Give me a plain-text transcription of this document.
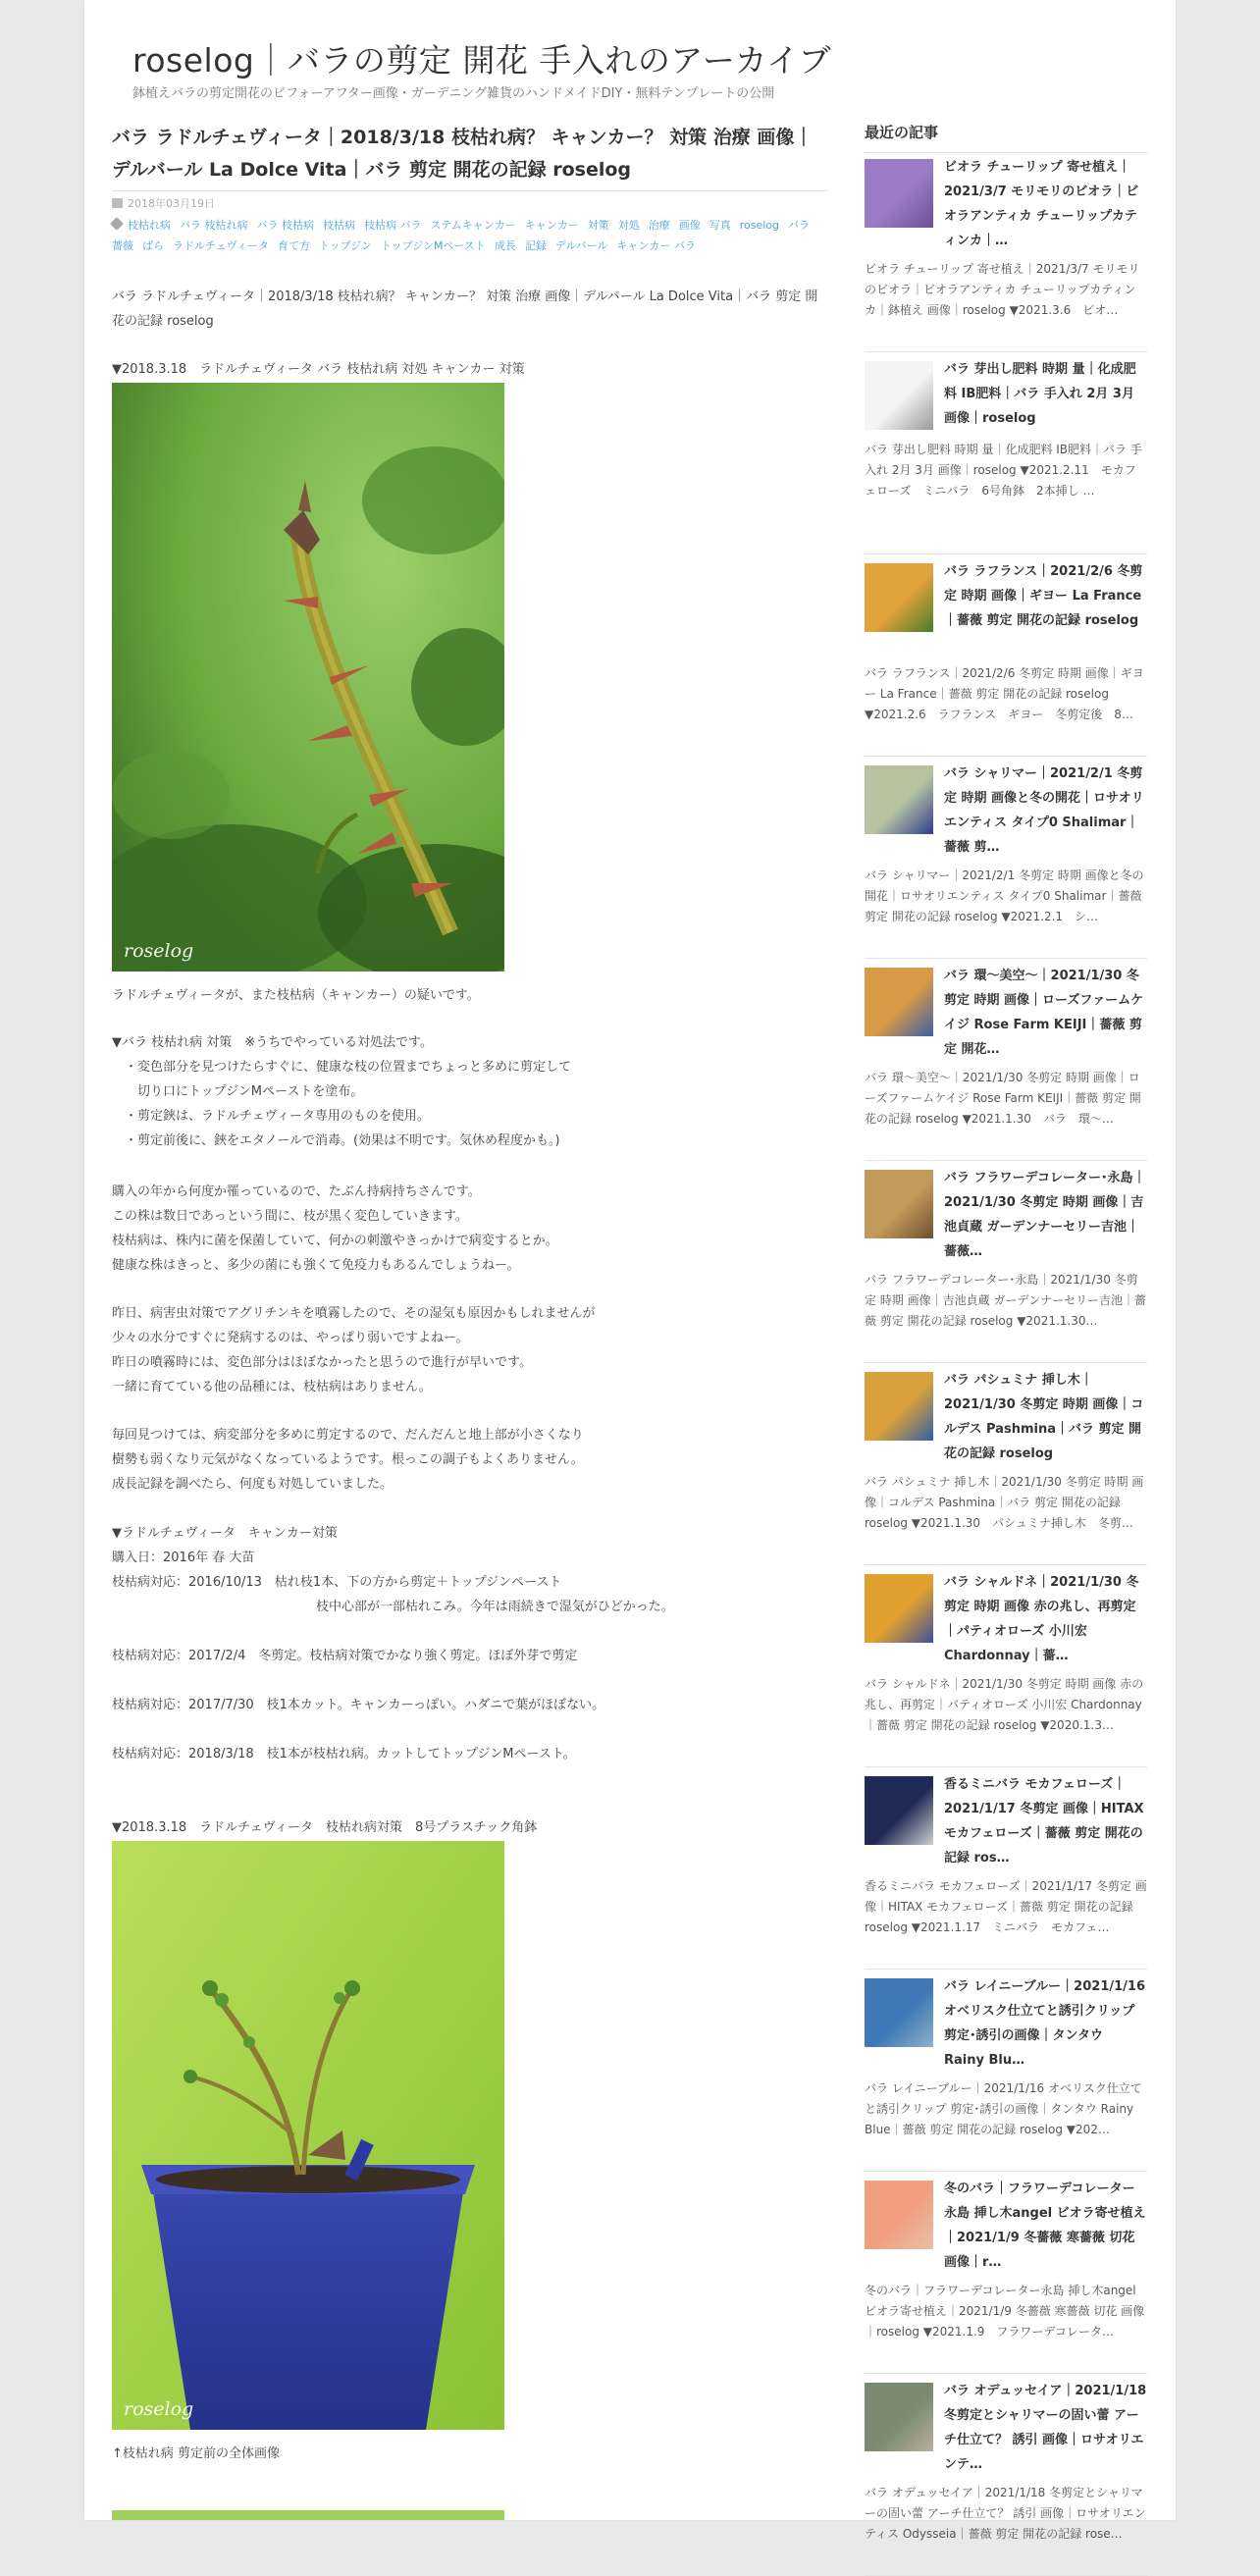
roselog｜バラの剪定 開花 手入れのアーカイブ
鉢植えバラの剪定開花のビフォーアフター画像・ガーデニング雑貨のハンドメイドDIY・無料テンプレートの公開
バラ ラドルチェヴィータ｜2018/3/18 枝枯れ病？ キャンカー？ 対策 治療 画像｜デルバール La Dolce Vita｜バラ 剪定 開花の記録 roselog
2018年03月19日
枝枯れ病 バラ 枝枯れ病 バラ 枝枯病 枝枯病 枝枯病 バラ ステムキャンカー キャンカー 対策 対処 治療 画像 写真 roselog バラ薔薇 ばら ラドルチェヴィータ 育て方 トップジン トップジンMペースト 成長 記録 デルバール キャンカー バラ
バラ ラドルチェヴィータ｜2018/3/18 枝枯れ病？ キャンカー？ 対策 治療 画像｜デルバール La Dolce Vita｜バラ 剪定 開花の記録 roselog
▼2018.3.18　ラドルチェヴィータ バラ 枝枯れ病 対処 キャンカー 対策
roselog
ラドルチェヴィータが、また枝枯病（キャンカー）の疑いです。
▼バラ 枝枯れ病 対策　※うちでやっている対処法です。
　・変色部分を見つけたらすぐに、健康な枝の位置までちょっと多めに剪定して
　　切り口にトップジンMペーストを塗布。
　・剪定鋏は、ラドルチェヴィータ専用のものを使用。
　・剪定前後に、鋏をエタノールで消毒。(効果は不明です。気休め程度かも。)
購入の年から何度か罹っているので、たぶん持病持ちさんです。
この株は数日であっという間に、枝が黒く変色していきます。
枝枯病は、株内に菌を保菌していて、何かの刺激やきっかけで病変するとか。
健康な株はきっと、多少の菌にも強くて免疫力もあるんでしょうねー。
昨日、病害虫対策でアグリチンキを噴霧したので、その湿気も原因かもしれませんが
少々の水分ですぐに発病するのは、やっぱり弱いですよねー。
昨日の噴霧時には、変色部分はほぼなかったと思うので進行が早いです。
一緒に育てている他の品種には、枝枯病はありません。
毎回見つけては、病変部分を多めに剪定するので、だんだんと地上部が小さくなり
樹勢も弱くなり元気がなくなっているようです。根っこの調子もよくありません。
成長記録を調べたら、何度も対処していました。
▼ラドルチェヴィータ　キャンカー対策
購入日：2016年 春 大苗
枝枯病対応：2016/10/13　枯れ枝1本、下の方から剪定＋トップジンペースト
　　　　　　　　　　　　　　　　枝中心部が一部枯れこみ。今年は雨続きで湿気がひどかった。

枝枯病対応：2017/2/4　冬剪定。枝枯病対策でかなり強く剪定。ほぼ外芽で剪定

枝枯病対応：2017/7/30　枝1本カット。キャンカーっぽい。ハダニで葉がほぼない。

枝枯病対応：2018/3/18　枝1本が枝枯れ病。カットしてトップジンMペースト。
▼2018.3.18　ラドルチェヴィータ　枝枯れ病対策　8号プラスチック角鉢
roselog
↑枝枯れ病 剪定前の全体画像
最近の記事
ビオラ チューリップ 寄せ植え｜2021/3/7 モリモリのビオラ｜ビオラアンティカ チューリップカティンカ｜…
ビオラ チューリップ 寄せ植え｜2021/3/7 モリモリのビオラ｜ビオラアンティカ チューリップカティンカ｜鉢植え 画像｜roselog ▼2021.3.6　ビオ…
バラ 芽出し肥料 時期 量｜化成肥料 IB肥料｜バラ 手入れ 2月 3月 画像｜roselog
バラ 芽出し肥料 時期 量｜化成肥料 IB肥料｜バラ 手入れ 2月 3月 画像｜roselog ▼2021.2.11　モカフェローズ　ミニバラ　6号角鉢　2本挿し …
バラ ラフランス｜2021/2/6 冬剪定 時期 画像｜ギヨー La France｜薔薇 剪定 開花の記録 roselog
バラ ラフランス｜2021/2/6 冬剪定 時期 画像｜ギヨー La France｜薔薇 剪定 開花の記録 roselog ▼2021.2.6　ラフランス　ギヨー　冬剪定後　8…
バラ シャリマー｜2021/2/1 冬剪定 時期 画像と冬の開花｜ロサオリエンティス タイプ0 Shalimar｜薔薇 剪…
バラ シャリマー｜2021/2/1 冬剪定 時期 画像と冬の開花｜ロサオリエンティス タイプ0 Shalimar｜薔薇 剪定 開花の記録 roselog ▼2021.2.1　シ…
バラ 環～美空～｜2021/1/30 冬剪定 時期 画像｜ローズファームケイジ Rose Farm KEIJI｜薔薇 剪定 開花…
バラ 環～美空～｜2021/1/30 冬剪定 時期 画像｜ローズファームケイジ Rose Farm KEIJI｜薔薇 剪定 開花の記録 roselog ▼2021.1.30　バラ　環～…
バラ フラワーデコレーター･永島｜2021/1/30 冬剪定 時期 画像｜吉池貞蔵 ガーデンナーセリー吉池｜薔薇…
バラ フラワーデコレーター･永島｜2021/1/30 冬剪定 時期 画像｜吉池貞蔵 ガーデンナーセリー吉池｜薔薇 剪定 開花の記録 roselog ▼2021.1.30…
バラ パシュミナ 挿し木｜2021/1/30 冬剪定 時期 画像｜コルデス Pashmina｜バラ 剪定 開花の記録 roselog
バラ パシュミナ 挿し木｜2021/1/30 冬剪定 時期 画像｜コルデス Pashmina｜バラ 剪定 開花の記録 roselog ▼2021.1.30　パシュミナ挿し木　冬剪…
バラ シャルドネ｜2021/1/30 冬剪定 時期 画像 赤の兆し、再剪定｜パティオローズ 小川宏 Chardonnay｜薔…
バラ シャルドネ｜2021/1/30 冬剪定 時期 画像 赤の兆し、再剪定｜パティオローズ 小川宏 Chardonnay｜薔薇 剪定 開花の記録 roselog ▼2020.1.3…
香るミニバラ モカフェローズ｜2021/1/17 冬剪定 画像｜HITAX モカフェローズ｜薔薇 剪定 開花の記録 ros…
香るミニバラ モカフェローズ｜2021/1/17 冬剪定 画像｜HITAX モカフェローズ｜薔薇 剪定 開花の記録 roselog ▼2021.1.17　ミニバラ　モカフェ…
バラ レイニーブルー｜2021/1/16 オベリスク仕立てと誘引クリップ 剪定･誘引の画像｜タンタウ Rainy Blu…
バラ レイニーブルー｜2021/1/16 オベリスク仕立てと誘引クリップ 剪定･誘引の画像｜タンタウ Rainy Blue｜薔薇 剪定 開花の記録 roselog ▼202…
冬のバラ｜フラワーデコレーター永島 挿し木angel ビオラ寄せ植え｜2021/1/9 冬薔薇 寒薔薇 切花 画像｜r…
冬のバラ｜フラワーデコレーター永島 挿し木angel ビオラ寄せ植え｜2021/1/9 冬薔薇 寒薔薇 切花 画像｜roselog ▼2021.1.9　フラワーデコレータ…
バラ オデュッセイア｜2021/1/18 冬剪定とシャリマーの固い蕾 アーチ仕立て？ 誘引 画像｜ロサオリエンテ…
バラ オデュッセイア｜2021/1/18 冬剪定とシャリマーの固い蕾 アーチ仕立て？ 誘引 画像｜ロサオリエンティス Odysseia｜薔薇 剪定 開花の記録 rose…
